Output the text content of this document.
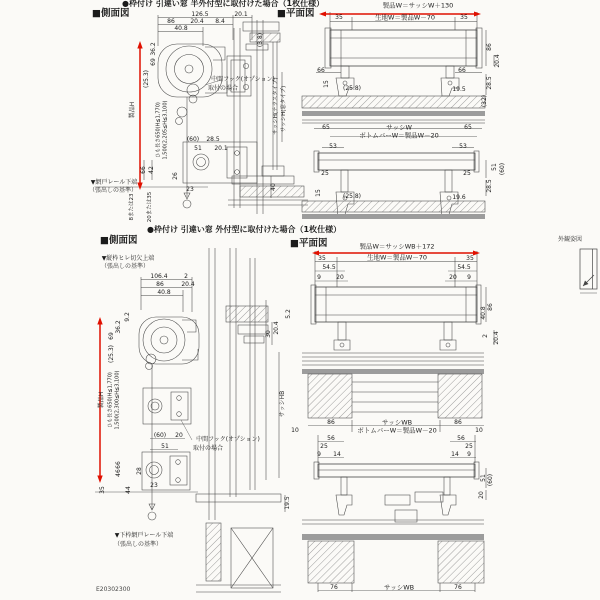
●枠付け 引違い窓 半外付型に取付けた場合（1枚仕様）
■側面図	■平面図
●枠付け 引違い窓 外付型に取付けた場合（1枚仕様）
■側面図	■平面図	外観姿図
E20302300
126.5	20.1
86	20.4 8.4
40.8
(3.8)
36.2
69
(25.3)
製品H	ひも長さ650(H≦1,770) 1,500(2,205≦H≦3,100)
中間フック(オプション)
取付の場合
(60) 28.5
51 20.1
26
23
66 42
▼網戸レール下端
（張出しの基準）
8または23 20または35
サッシH(テラスタイプ) サッシH(窓タイプ)
40
製品W＝サッシW＋130
生地W＝製品W－70
35	35
66	66
15
(25.8)	19.5
86
20.4
28.5
(32)
65	サッシW	65
ボトムバーW＝製品W－20
53	53
25	25
51 (60)
28.5
15	(25.8)	19.6
▼縦枠ヒレ切欠上端
（張出しの基準）
106.4	2
86	20.4
40.8
9.2
36.2
69
(25.3)
5.2
20.4
30
製品H ひも長さ650(H≦1,770) 1,500(2,300≦H≦3,100)
(60) 20
51
中間フック(オプション)
取付の場合
66
46 28
23
44
35
サッシHB
19.5
▼下枠網戸レール下端
（張出しの基準）
製品W＝サッシWB＋172
生地W＝製品W－70
35	35
54.5	54.5
9	20	20 9
40.8 86
2 20.4
86	サッシWB	86
10	ボトムバーW＝製品W－20	10
56	56
25	25
9 14	14 9
51 (60)
20
76	サッシWB	76
